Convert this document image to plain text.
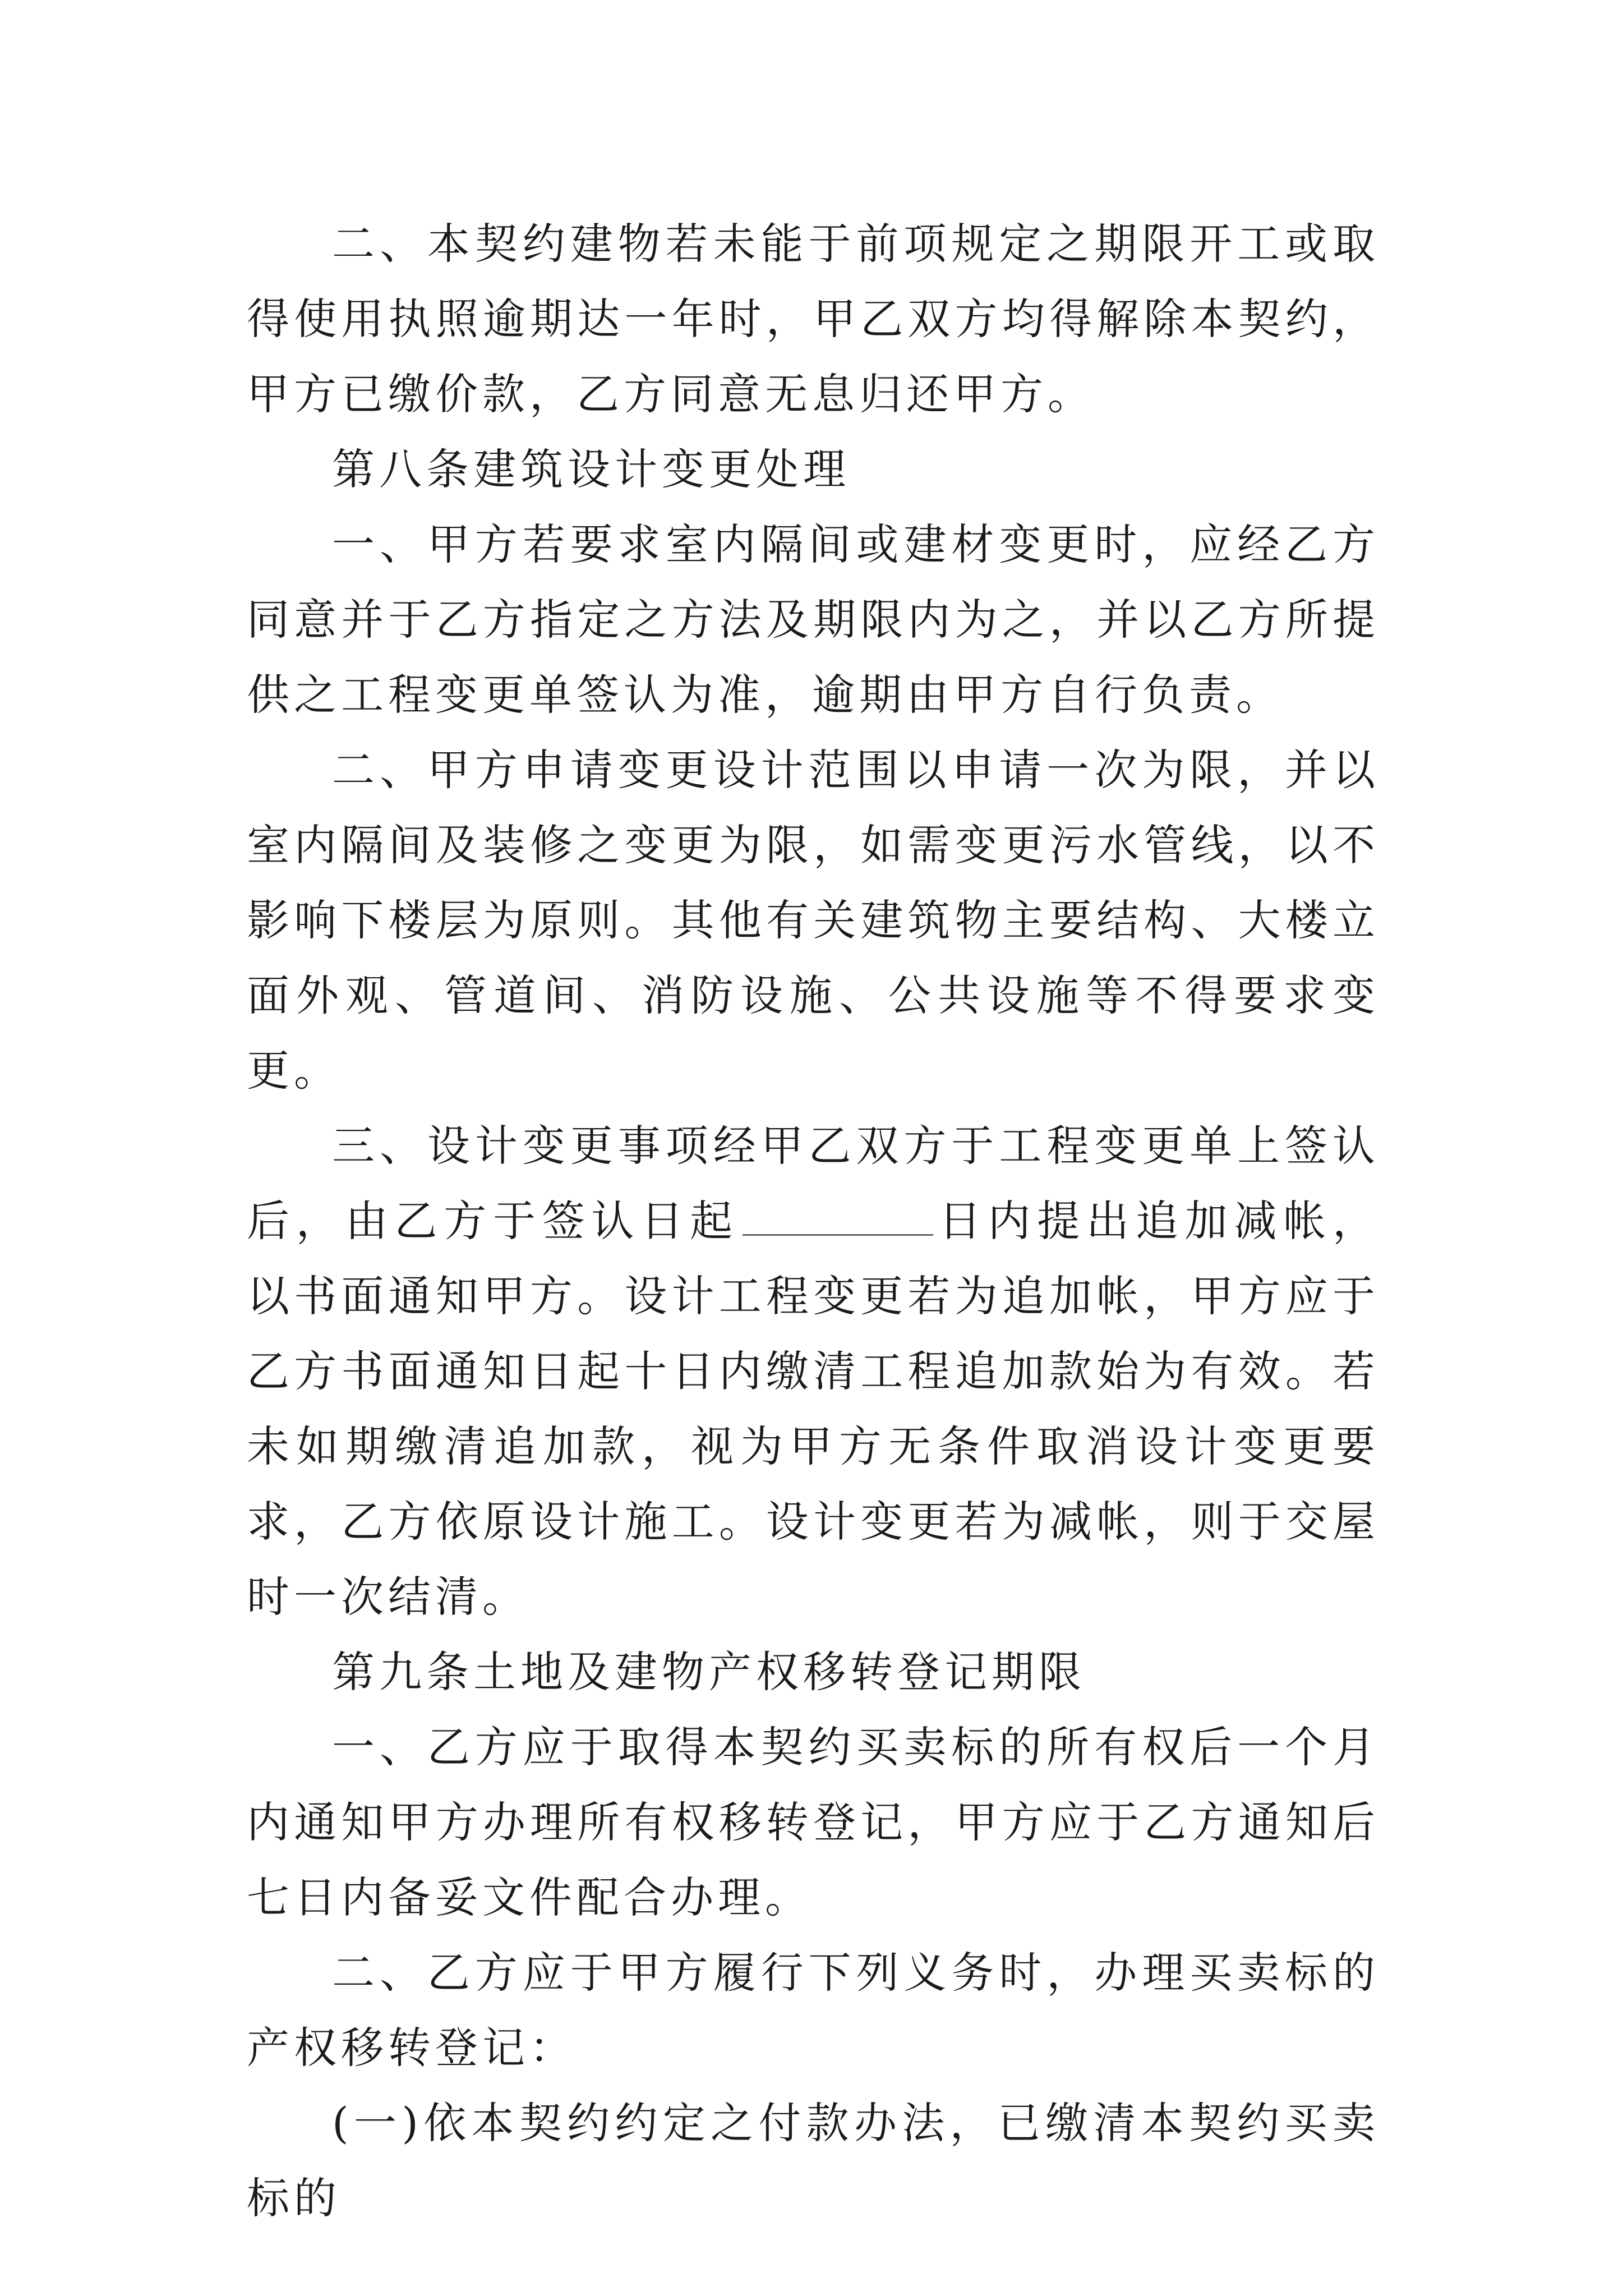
二、本契约建物若未能于前项规定之期限开工或取得使用执照逾期达一年时，甲乙双方均得解除本契约，甲方已缴价款，乙方同意无息归还甲方。

第八条建筑设计变更处理

一、甲方若要求室内隔间或建材变更时，应经乙方同意并于乙方指定之方法及期限内为之，并以乙方所提供之工程变更单签认为准，逾期由甲方自行负责。

二、甲方申请变更设计范围以申请一次为限，并以室内隔间及装修之变更为限，如需变更污水管线，以不影响下楼层为原则。其他有关建筑物主要结构、大楼立面外观、管道间、消防设施、公共设施等不得要求变更。

三、设计变更事项经甲乙双方于工程变更单上签认后，由乙方于签认日起	日内提出追加减帐，以书面通知甲方。设计工程变更若为追加帐，甲方应于乙方书面通知日起十日内缴清工程追加款始为有效。若未如期缴清追加款，视为甲方无条件取消设计变更要求，乙方依原设计施工。设计变更若为减帐，则于交屋时一次结清。

第九条土地及建物产权移转登记期限

一、乙方应于取得本契约买卖标的所有权后一个月内通知甲方办理所有权移转登记，甲方应于乙方通知后七日内备妥文件配合办理。

二、乙方应于甲方履行下列义务时，办理买卖标的产权移转登记：

(一)依本契约约定之付款办法，已缴清本契约买卖标的
